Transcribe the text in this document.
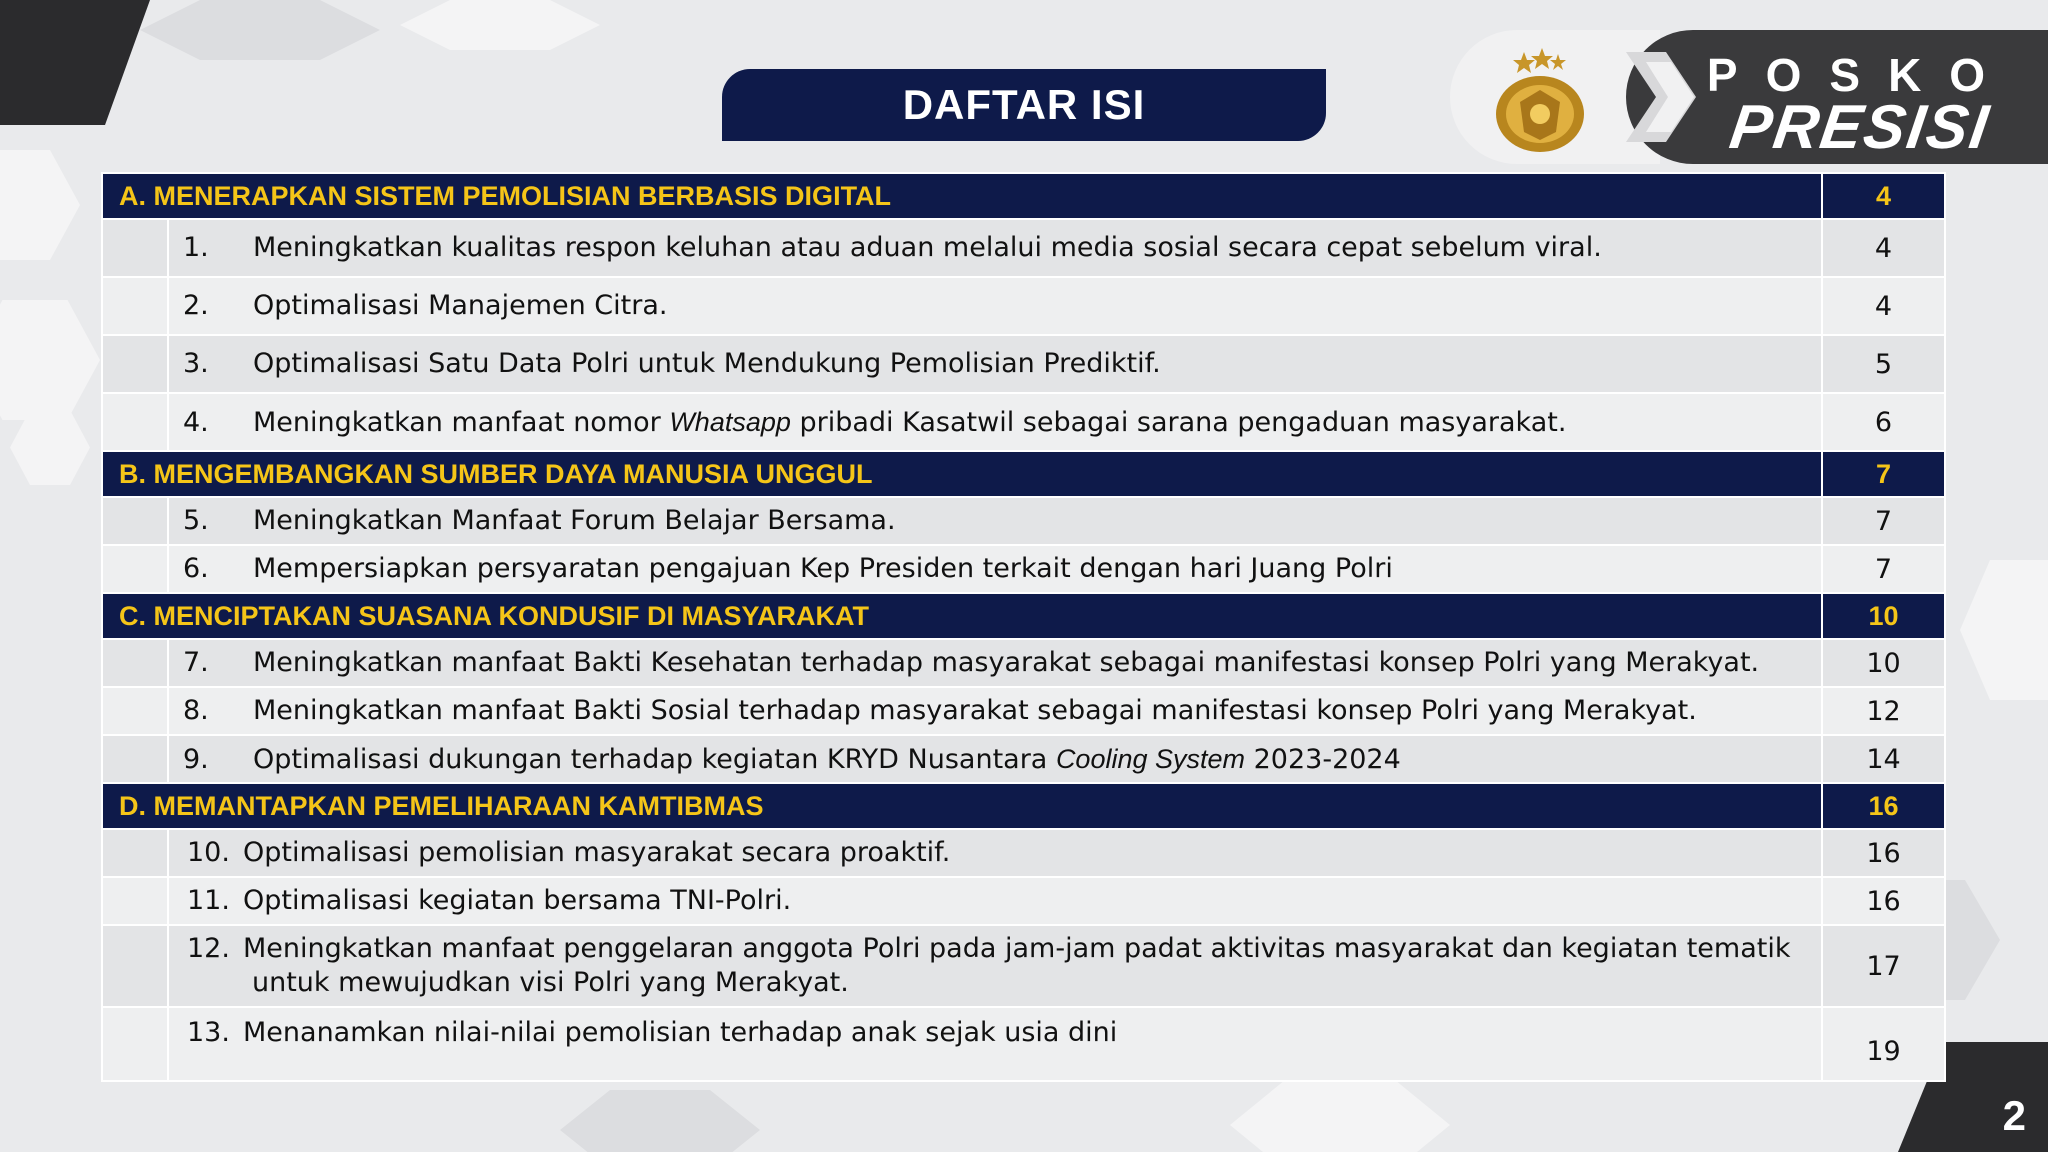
DAFTAR ISI
POSKO
PRESISI
A. MENERAPKAN SISTEM PEMOLISIAN BERBASIS DIGITAL		4
	1. Meningkatkan kualitas respon keluhan atau aduan melalui media sosial secara cepat sebelum viral.	4
	2. Optimalisasi Manajemen Citra.	4
	3. Optimalisasi Satu Data Polri untuk Mendukung Pemolisian Prediktif.	5
	4. Meningkatkan manfaat nomor Whatsapp pribadi Kasatwil sebagai sarana pengaduan masyarakat.	6
B. MENGEMBANGKAN SUMBER DAYA MANUSIA UNGGUL		7
	5. Meningkatkan Manfaat Forum Belajar Bersama.	7
	6. Mempersiapkan persyaratan pengajuan Kep Presiden terkait dengan hari Juang Polri	7
C. MENCIPTAKAN SUASANA KONDUSIF DI MASYARAKAT		10
	7. Meningkatkan manfaat Bakti Kesehatan terhadap masyarakat sebagai manifestasi konsep Polri yang Merakyat.	10
	8. Meningkatkan manfaat Bakti Sosial terhadap masyarakat sebagai manifestasi konsep Polri yang Merakyat.	12
	9. Optimalisasi dukungan terhadap kegiatan KRYD Nusantara Cooling System 2023-2024	14
D. MEMANTAPKAN PEMELIHARAAN KAMTIBMAS		16
	10. Optimalisasi pemolisian masyarakat secara proaktif.	16
	11. Optimalisasi kegiatan bersama TNI-Polri.	16
	12. Meningkatkan manfaat penggelaran anggota Polri pada jam-jam padat aktivitas masyarakat dan kegiatan tematik untuk mewujudkan visi Polri yang Merakyat.	17
	13. Menanamkan nilai-nilai pemolisian terhadap anak sejak usia dini	19
2
